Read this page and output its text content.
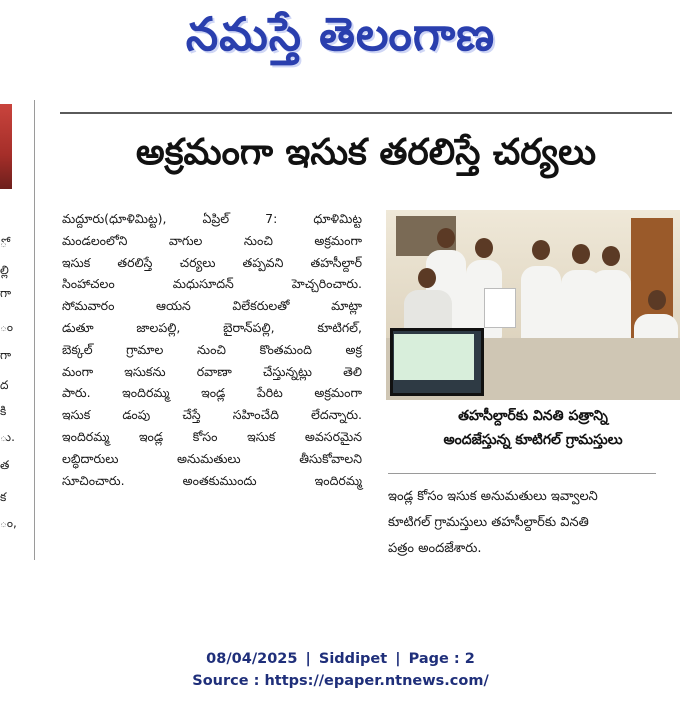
నమస్తే తెలంగాణ
ో
ల్లి
గా
ం
గా
ద
కి
ు.
త
క
ం,
అక్రమంగా ఇసుక తరలిస్తే చర్యలు
మద్దూరు(ధూళిమిట్ట), ఏప్రిల్ 7: ధూళిమిట్ట
మండలంలోని వాగుల నుంచి అక్రమంగా
ఇసుక తరలిస్తే చర్యలు తప్పవని తహసీల్దార్
సింహాచలం మధుసూదన్ హెచ్చరించారు.
సోమవారం ఆయన విలేకరులతో మాట్లా
డుతూ జాలపల్లి, బైరాన్‌పల్లి, కూటిగల్,
బెక్కల్ గ్రామాల నుంచి కొంతమంది అక్ర
మంగా ఇసుకను రవాణా చేస్తున్నట్లు తెలి
పారు. ఇందిరమ్మ ఇండ్ల పేరిట అక్రమంగా
ఇసుక డంపు చేస్తే సహించేది లేదన్నారు.
ఇందిరమ్మ ఇండ్ల కోసం ఇసుక అవసరమైన
లబ్ధిదారులు అనుమతులు తీసుకోవాలని
సూచించారు. అంతకుముందు ఇందిరమ్మ
తహసీల్దార్‌కు వినతి పత్రాన్ని
అందజేస్తున్న కూటిగల్ గ్రామస్తులు
ఇండ్ల కోసం ఇసుక అనుమతులు ఇవ్వాలని
కూటిగల్ గ్రామస్తులు తహసీల్దార్‌కు వినతి
పత్రం అందజేశారు.
08/04/2025 | Siddipet | Page : 2
Source : https://epaper.ntnews.com/
